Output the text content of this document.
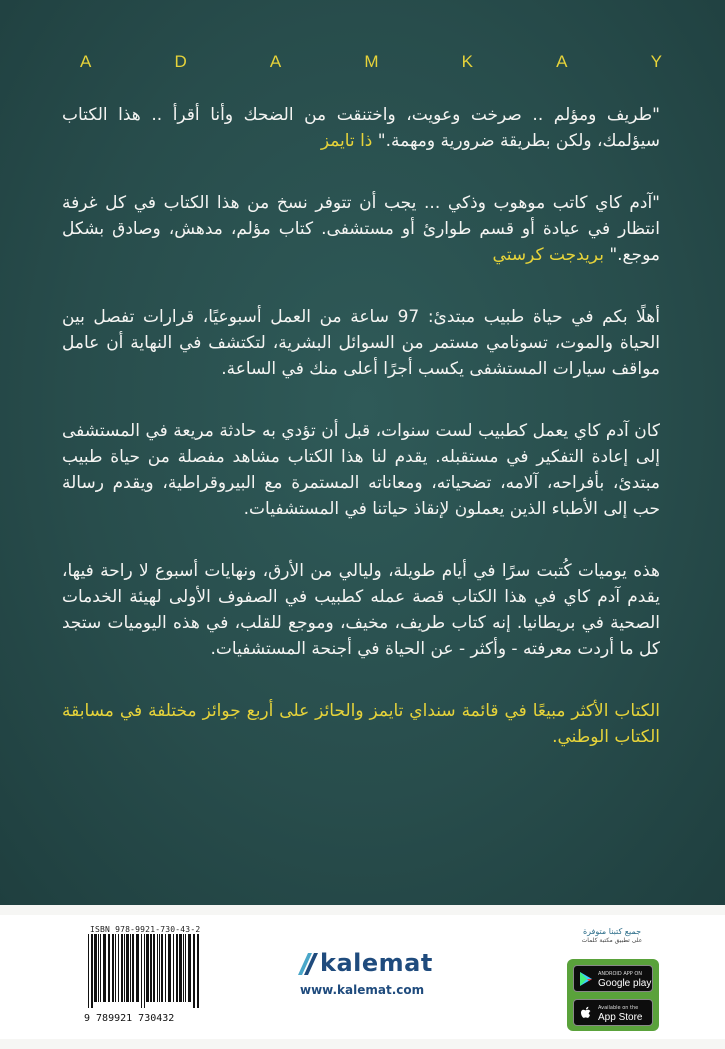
A	D	A	M	K	A	Y

"طريف ومؤلم .. صرخت وعويت، واختنقت من الضحك وأنا أقرأ .. هذا الكتاب سيؤلمك، ولكن بطريقة ضرورية ومهمة." ذا تايمز

"آدم كاي كاتب موهوب وذكي ... يجب أن تتوفر نسخ من هذا الكتاب في كل غرفة انتظار في عيادة أو قسم طوارئ أو مستشفى. كتاب مؤلم، مدهش، وصادق بشكل موجع." بريدجت كرستي

أهلًا بكم في حياة طبيب مبتدئ: 97 ساعة من العمل أسبوعيًا، قرارات تفصل بين الحياة والموت، تسونامي مستمر من السوائل البشرية، لتكتشف في النهاية أن عامل مواقف سيارات المستشفى يكسب أجرًا أعلى منك في الساعة.

كان آدم كاي يعمل كطبيب لست سنوات، قبل أن تؤدي به حادثة مريعة في المستشفى إلى إعادة التفكير في مستقبله. يقدم لنا هذا الكتاب مشاهد مفصلة من حياة طبيب مبتدئ، بأفراحه، آلامه، تضحياته، ومعاناته المستمرة مع البيروقراطية، ويقدم رسالة حب إلى الأطباء الذين يعملون لإنقاذ حياتنا في المستشفيات.

هذه يوميات كُتبت سرًا في أيام طويلة، وليالي من الأرق، ونهايات أسبوع لا راحة فيها، يقدم آدم كاي في هذا الكتاب قصة عمله كطبيب في الصفوف الأولى لهيئة الخدمات الصحية في بريطانيا. إنه كتاب طريف، مخيف، وموجع للقلب، في هذه اليوميات ستجد كل ما أردت معرفته - وأكثر - عن الحياة في أجنحة المستشفيات.

الكتاب الأكثر مبيعًا في قائمة سنداي تايمز والحائز على أربع جوائز مختلفة في مسابقة الكتاب الوطني.

ISBN 978-9921-730-43-2
9 789921 730432
kalemat
www.kalemat.com
جميع كتبنا متوفرة
على تطبيق مكتبة كلمات
ANDROID APP ON
Google play
Available on the
App Store
